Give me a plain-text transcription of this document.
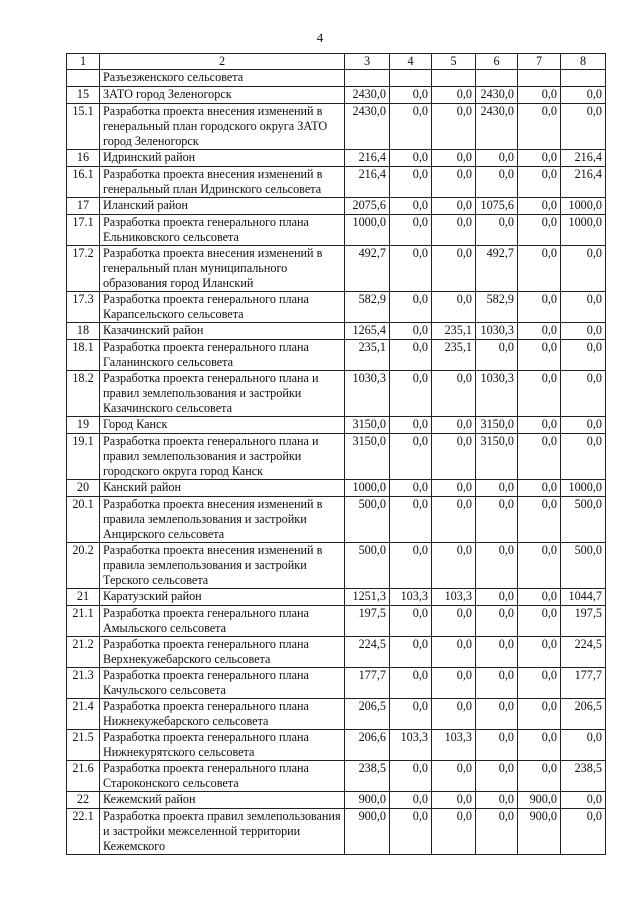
4
1	2	3	4	5	6	7	8
	Разъезженского сельсовета						
15	ЗАТО город Зеленогорск	2430,0	0,0	0,0	2430,0	0,0	0,0
15.1	Разработка проекта внесения изменений в генеральный план городского округа ЗАТО город Зеленогорск	2430,0	0,0	0,0	2430,0	0,0	0,0
16	Идринский район	216,4	0,0	0,0	0,0	0,0	216,4
16.1	Разработка проекта внесения изменений в генеральный план Идринского сельсовета	216,4	0,0	0,0	0,0	0,0	216,4
17	Иланский район	2075,6	0,0	0,0	1075,6	0,0	1000,0
17.1	Разработка проекта генерального плана Ельниковского сельсовета	1000,0	0,0	0,0	0,0	0,0	1000,0
17.2	Разработка проекта внесения изменений в генеральный план муниципального образования город Иланский	492,7	0,0	0,0	492,7	0,0	0,0
17.3	Разработка проекта генерального плана Карапсельского сельсовета	582,9	0,0	0,0	582,9	0,0	0,0
18	Казачинский район	1265,4	0,0	235,1	1030,3	0,0	0,0
18.1	Разработка проекта генерального плана Галанинского сельсовета	235,1	0,0	235,1	0,0	0,0	0,0
18.2	Разработка проекта генерального плана и правил землепользования и застройки Казачинского сельсовета	1030,3	0,0	0,0	1030,3	0,0	0,0
19	Город Канск	3150,0	0,0	0,0	3150,0	0,0	0,0
19.1	Разработка проекта генерального плана и правил землепользования и застройки городского округа город Канск	3150,0	0,0	0,0	3150,0	0,0	0,0
20	Канский район	1000,0	0,0	0,0	0,0	0,0	1000,0
20.1	Разработка проекта внесения изменений в правила землепользования и застройки Анцирского сельсовета	500,0	0,0	0,0	0,0	0,0	500,0
20.2	Разработка проекта внесения изменений в правила землепользования и застройки Терского сельсовета	500,0	0,0	0,0	0,0	0,0	500,0
21	Каратузский район	1251,3	103,3	103,3	0,0	0,0	1044,7
21.1	Разработка проекта генерального плана Амыльского сельсовета	197,5	0,0	0,0	0,0	0,0	197,5
21.2	Разработка проекта генерального плана Верхнекужебарского сельсовета	224,5	0,0	0,0	0,0	0,0	224,5
21.3	Разработка проекта генерального плана Качульского сельсовета	177,7	0,0	0,0	0,0	0,0	177,7
21.4	Разработка проекта генерального плана Нижнекужебарского сельсовета	206,5	0,0	0,0	0,0	0,0	206,5
21.5	Разработка проекта генерального плана Нижнекурятского сельсовета	206,6	103,3	103,3	0,0	0,0	0,0
21.6	Разработка проекта генерального плана Староконского сельсовета	238,5	0,0	0,0	0,0	0,0	238,5
22	Кежемский район	900,0	0,0	0,0	0,0	900,0	0,0
22.1	Разработка проекта правил землепользования и застройки межселенной территории Кежемского	900,0	0,0	0,0	0,0	900,0	0,0
